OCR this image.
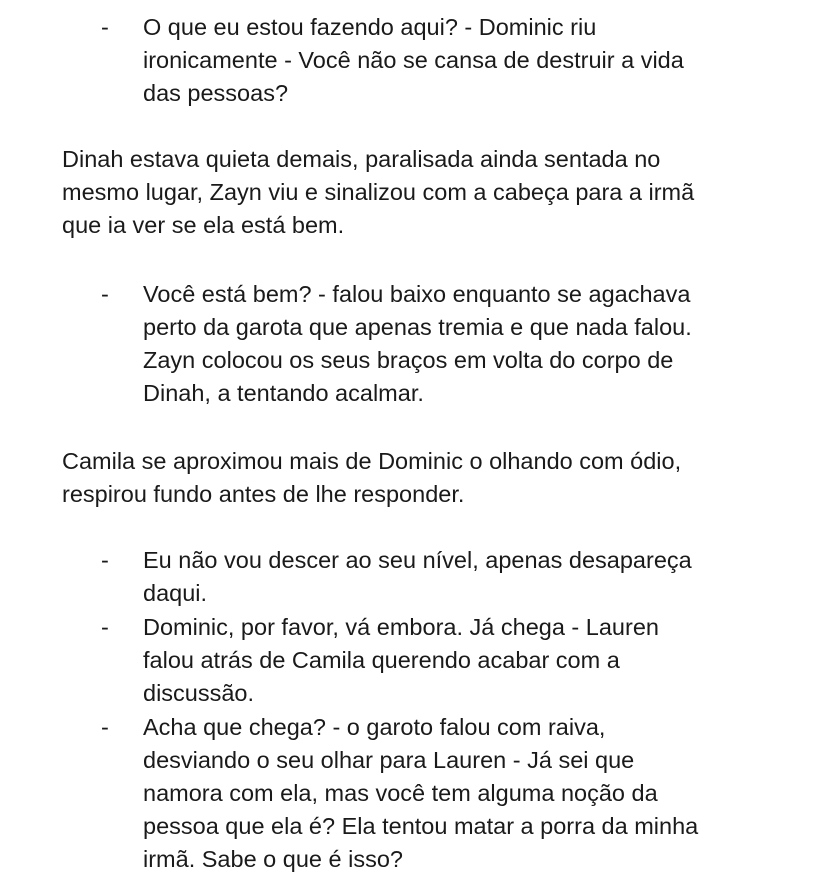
- O que eu estou fazendo aqui? - Dominic riu
ironicamente - Você não se cansa de destruir a vida
das pessoas?
Dinah estava quieta demais, paralisada ainda sentada no
mesmo lugar, Zayn viu e sinalizou com a cabeça para a irmã
que ia ver se ela está bem.
- Você está bem? - falou baixo enquanto se agachava
perto da garota que apenas tremia e que nada falou.
Zayn colocou os seus braços em volta do corpo de
Dinah, a tentando acalmar.
Camila se aproximou mais de Dominic o olhando com ódio,
respirou fundo antes de lhe responder.
- Eu não vou descer ao seu nível, apenas desapareça
daqui.
- Dominic, por favor, vá embora. Já chega - Lauren
falou atrás de Camila querendo acabar com a
discussão.
- Acha que chega? - o garoto falou com raiva,
desviando o seu olhar para Lauren - Já sei que
namora com ela, mas você tem alguma noção da
pessoa que ela é? Ela tentou matar a porra da minha
irmã. Sabe o que é isso?
